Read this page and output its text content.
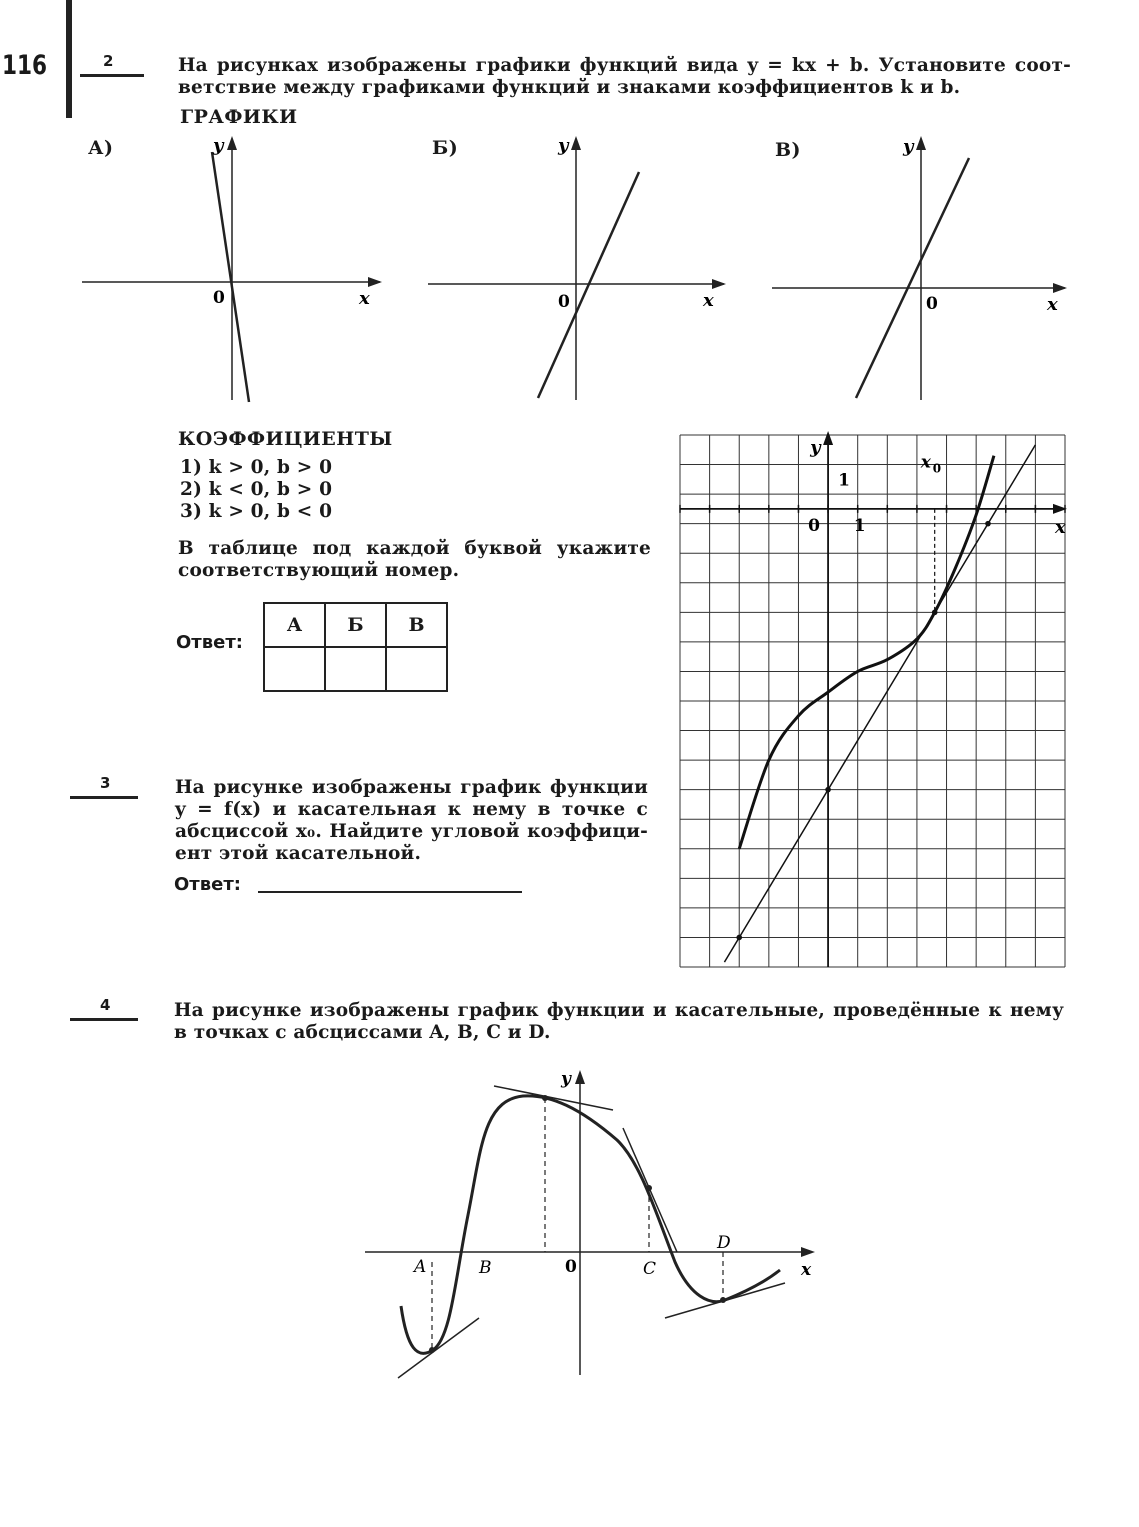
116	2	На рисунках изображены графики функций вида y = kx + b. Установите соот-
ветствие между графиками функций и знаками коэффициентов k и b.
ГРАФИКИ
А)
0	x
y	Б)
0	x
y	В)
0	x
y
КОЭФФИЦИЕНТЫ
1) k > 0, b > 0
2) k < 0, b > 0
3) k > 0, b < 0
В таблице под каждой буквой укажите
соответствующий номер.
Ответ:
А	Б	В

1
1
0	x
y
x 0
3	На рисунке изображены график функции
y = f(x) и касательная к нему в точке с
абсциссой x₀. Найдите угловой коэффици-
ент этой касательной.
Ответ:
4	На рисунке изображены график функции и касательные, проведённые к нему
в точках с абсциссами A, B, C и D.
A	B	C
D
0	x
y
